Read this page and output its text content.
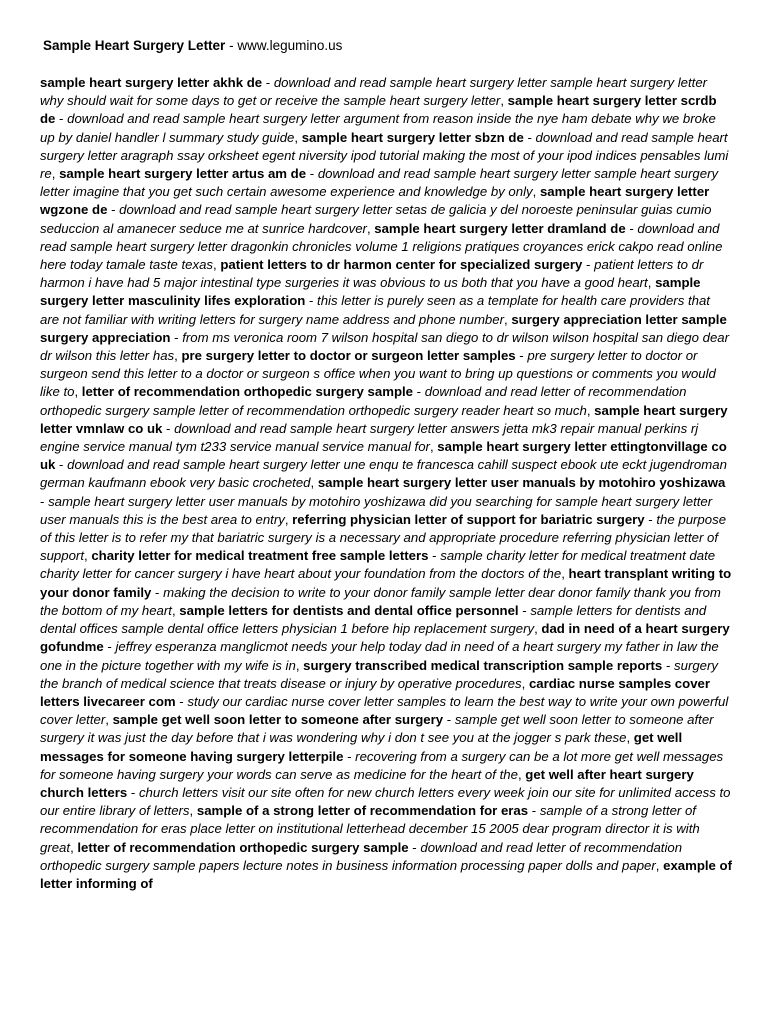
Sample Heart Surgery Letter - www.legumino.us
sample heart surgery letter akhk de - download and read sample heart surgery letter sample heart surgery letter why should wait for some days to get or receive the sample heart surgery letter, sample heart surgery letter scrdb de - download and read sample heart surgery letter argument from reason inside the nye ham debate why we broke up by daniel handler l summary study guide, sample heart surgery letter sbzn de - download and read sample heart surgery letter aragraph ssay orksheet egent niversity ipod tutorial making the most of your ipod indices pensables lumi re, sample heart surgery letter artus am de - download and read sample heart surgery letter sample heart surgery letter imagine that you get such certain awesome experience and knowledge by only, sample heart surgery letter wgzone de - download and read sample heart surgery letter setas de galicia y del noroeste peninsular guias cumio seduccion al amanecer seduce me at sunrice hardcover, sample heart surgery letter dramland de - download and read sample heart surgery letter dragonkin chronicles volume 1 religions pratiques croyances erick cakpo read online here today tamale taste texas, patient letters to dr harmon center for specialized surgery - patient letters to dr harmon i have had 5 major intestinal type surgeries it was obvious to us both that you have a good heart, sample surgery letter masculinity lifes exploration - this letter is purely seen as a template for health care providers that are not familiar with writing letters for surgery name address and phone number, surgery appreciation letter sample surgery appreciation - from ms veronica room 7 wilson hospital san diego to dr wilson wilson hospital san diego dear dr wilson this letter has, pre surgery letter to doctor or surgeon letter samples - pre surgery letter to doctor or surgeon send this letter to a doctor or surgeon s office when you want to bring up questions or comments you would like to, letter of recommendation orthopedic surgery sample - download and read letter of recommendation orthopedic surgery sample letter of recommendation orthopedic surgery reader heart so much, sample heart surgery letter vmnlaw co uk - download and read sample heart surgery letter answers jetta mk3 repair manual perkins rj engine service manual tym t233 service manual service manual for, sample heart surgery letter ettingtonvillage co uk - download and read sample heart surgery letter une enqu te francesca cahill suspect ebook ute eckt jugendroman german kaufmann ebook very basic crocheted, sample heart surgery letter user manuals by motohiro yoshizawa - sample heart surgery letter user manuals by motohiro yoshizawa did you searching for sample heart surgery letter user manuals this is the best area to entry, referring physician letter of support for bariatric surgery - the purpose of this letter is to refer my that bariatric surgery is a necessary and appropriate procedure referring physician letter of support, charity letter for medical treatment free sample letters - sample charity letter for medical treatment date charity letter for cancer surgery i have heart about your foundation from the doctors of the, heart transplant writing to your donor family - making the decision to write to your donor family sample letter dear donor family thank you from the bottom of my heart, sample letters for dentists and dental office personnel - sample letters for dentists and dental offices sample dental office letters physician 1 before hip replacement surgery, dad in need of a heart surgery gofundme - jeffrey esperanza manglicmot needs your help today dad in need of a heart surgery my father in law the one in the picture together with my wife is in, surgery transcribed medical transcription sample reports - surgery the branch of medical science that treats disease or injury by operative procedures, cardiac nurse samples cover letters livecareer com - study our cardiac nurse cover letter samples to learn the best way to write your own powerful cover letter, sample get well soon letter to someone after surgery - sample get well soon letter to someone after surgery it was just the day before that i was wondering why i don t see you at the jogger s park these, get well messages for someone having surgery letterpile - recovering from a surgery can be a lot more get well messages for someone having surgery your words can serve as medicine for the heart of the, get well after heart surgery church letters - church letters visit our site often for new church letters every week join our site for unlimited access to our entire library of letters, sample of a strong letter of recommendation for eras - sample of a strong letter of recommendation for eras place letter on institutional letterhead december 15 2005 dear program director it is with great, letter of recommendation orthopedic surgery sample - download and read letter of recommendation orthopedic surgery sample papers lecture notes in business information processing paper dolls and paper, example of letter informing of
